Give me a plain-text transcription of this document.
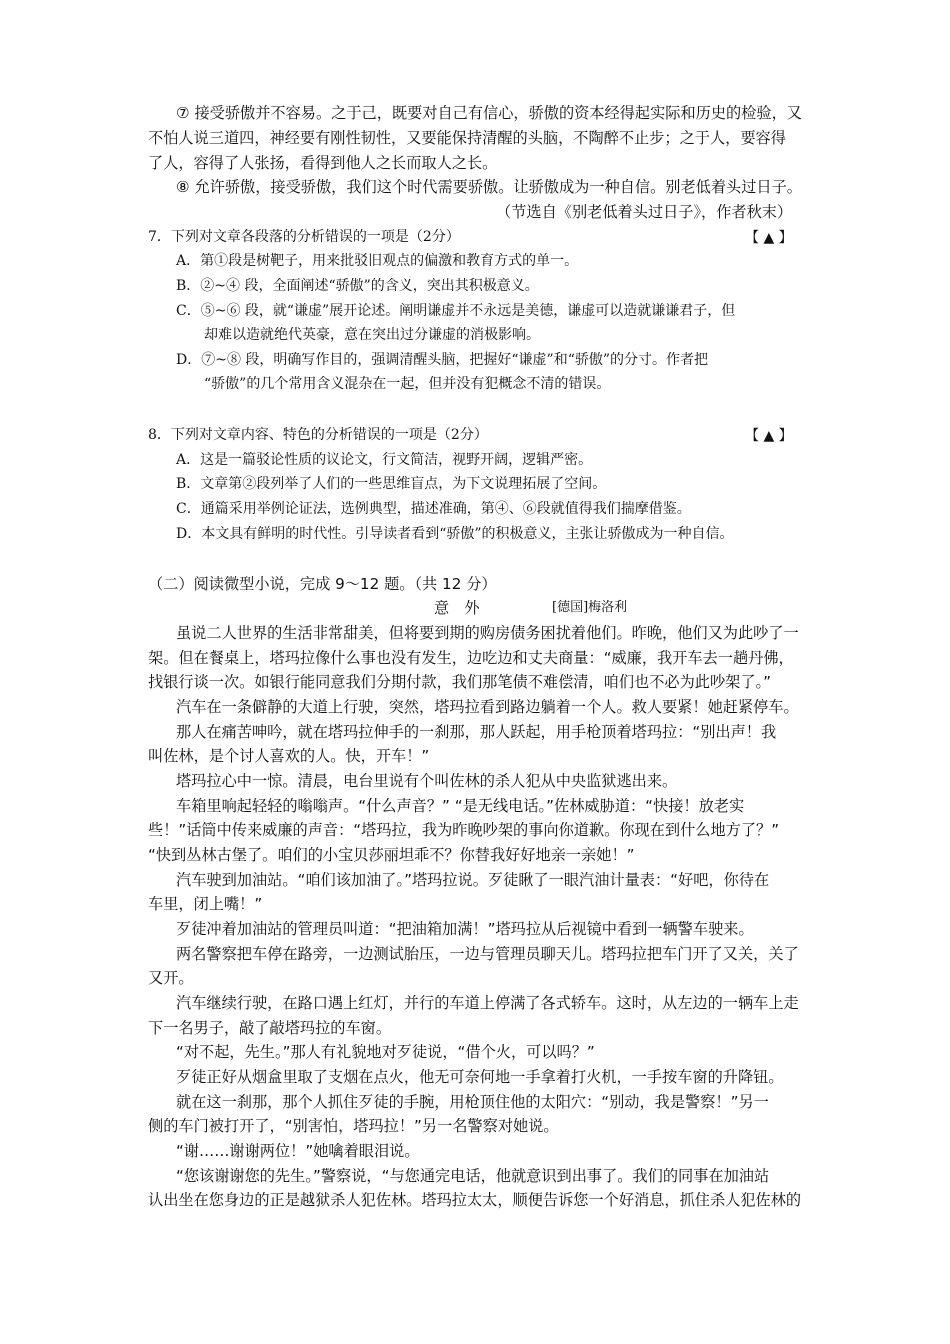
⑦ 接受骄傲并不容易。之于己，既要对自己有信心，骄傲的资本经得起实际和历史的检验，又
不怕人说三道四，神经要有刚性韧性，又要能保持清醒的头脑，不陶醉不止步；之于人，要容得
了人，容得了人张扬，看得到他人之长而取人之长。
⑧ 允许骄傲，接受骄傲，我们这个时代需要骄傲。让骄傲成为一种自信。别老低着头过日子。
（节选自《别老低着头过日子》，作者秋末）
7．下列对文章各段落的分析错误的一项是（2分）	【 ▲ 】
A．第①段是树靶子，用来批驳旧观点的偏激和教育方式的单一。
B．②~④ 段，全面阐述“骄傲”的含义，突出其积极意义。
C．⑤~⑥ 段，就“谦虚”展开论述。阐明谦虚并不永远是美德，谦虚可以造就谦谦君子，但
却难以造就绝代英豪，意在突出过分谦虚的消极影响。
D．⑦~⑧ 段，明确写作目的，强调清醒头脑，把握好“谦虚”和“骄傲”的分寸。作者把
“骄傲”的几个常用含义混杂在一起，但并没有犯概念不清的错误。
8．下列对文章内容、特色的分析错误的一项是（2分）	【 ▲ 】
A．这是一篇驳论性质的议论文，行文简洁，视野开阔，逻辑严密。
B．文章第②段列举了人们的一些思维盲点，为下文说理拓展了空间。
C．通篇采用举例论证法，选例典型，描述准确，第④、⑥段就值得我们揣摩借鉴。
D．本文具有鲜明的时代性。引导读者看到“骄傲”的积极意义，主张让骄傲成为一种自信。
（二）阅读微型小说，完成 9～12 题。（共 12 分）
意　外	[德国]梅洛利
虽说二人世界的生活非常甜美，但将要到期的购房债务困扰着他们。昨晚，他们又为此吵了一
架。但在餐桌上，塔玛拉像什么事也没有发生，边吃边和丈夫商量：“威廉，我开车去一趟丹佛，
找银行谈一次。如银行能同意我们分期付款，我们那笔债不难偿清，咱们也不必为此吵架了。”
汽车在一条僻静的大道上行驶，突然，塔玛拉看到路边躺着一个人。救人要紧！她赶紧停车。
那人在痛苦呻吟，就在塔玛拉伸手的一刹那，那人跃起，用手枪顶着塔玛拉：“别出声！我
叫佐林，是个讨人喜欢的人。快，开车！”
塔玛拉心中一惊。清晨，电台里说有个叫佐林的杀人犯从中央监狱逃出来。
车箱里响起轻轻的嗡嗡声。“什么声音？” “是无线电话。”佐林威胁道：“快接！放老实
些！”话筒中传来威廉的声音：“塔玛拉，我为昨晚吵架的事向你道歉。你现在到什么地方了？”
“快到丛林古堡了。咱们的小宝贝莎丽坦乖不？你替我好好地亲一亲她！”
汽车驶到加油站。“咱们该加油了。”塔玛拉说。歹徒瞅了一眼汽油计量表：“好吧，你待在
车里，闭上嘴！”
歹徒冲着加油站的管理员叫道：“把油箱加满！”塔玛拉从后视镜中看到一辆警车驶来。
两名警察把车停在路旁，一边测试胎压，一边与管理员聊天儿。塔玛拉把车门开了又关，关了
又开。
汽车继续行驶，在路口遇上红灯，并行的车道上停满了各式轿车。这时，从左边的一辆车上走
下一名男子，敲了敲塔玛拉的车窗。
“对不起，先生。”那人有礼貌地对歹徒说，“借个火，可以吗？”
歹徒正好从烟盒里取了支烟在点火，他无可奈何地一手拿着打火机，一手按车窗的升降钮。
就在这一刹那，那个人抓住歹徒的手腕，用枪顶住他的太阳穴：“别动，我是警察！”另一
侧的车门被打开了，“别害怕，塔玛拉！”另一名警察对她说。
“谢……谢谢两位！”她噙着眼泪说。
“您该谢谢您的先生。”警察说，“与您通完电话，他就意识到出事了。我们的同事在加油站
认出坐在您身边的正是越狱杀人犯佐林。塔玛拉太太，顺便告诉您一个好消息，抓住杀人犯佐林的
